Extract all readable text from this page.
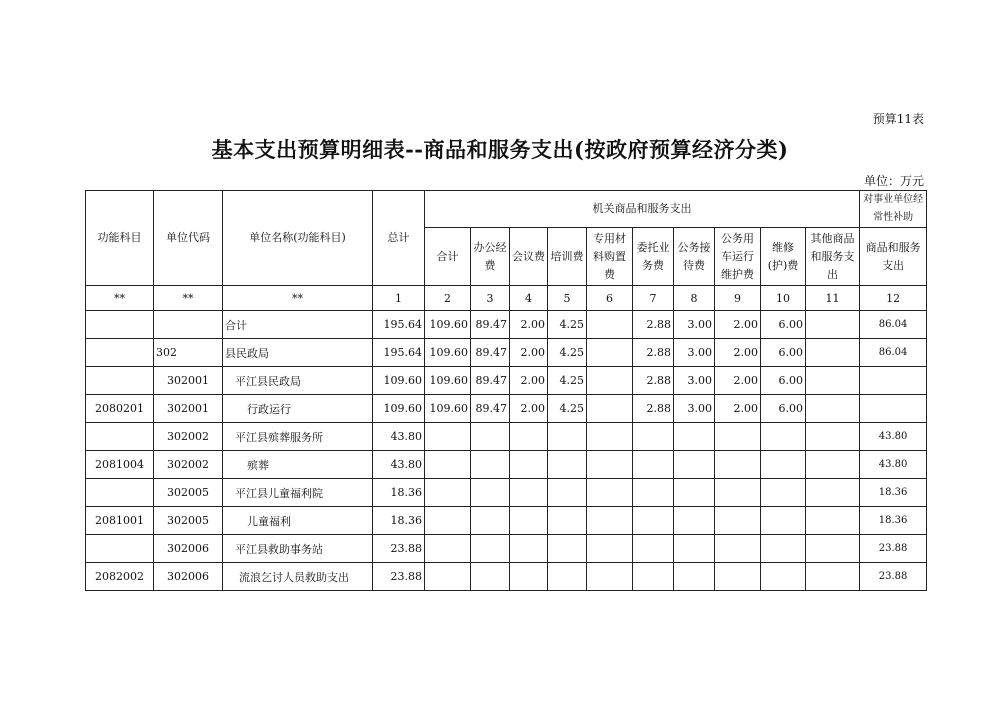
预算11表
基本支出预算明细表--商品和服务支出(按政府预算经济分类)
单位：万元
功能科目	单位代码	单位名称(功能科目)	总计	机关商品和服务支出										对事业单位经常性补助
				合计	办公经费	会议费	培训费	专用材料购置费	委托业务费	公务接待费	公务用车运行维护费	维修(护)费	其他商品和服务支出	商品和服务支出
**	**	**	1	2	3	4	5	6	7	8	9	10	11	12
		合计	195.64	109.60	89.47	2.00	4.25		2.88	3.00	2.00	6.00		86.04
	302	县民政局	195.64	109.60	89.47	2.00	4.25		2.88	3.00	2.00	6.00		86.04
	302001	平江县民政局	109.60	109.60	89.47	2.00	4.25		2.88	3.00	2.00	6.00		
2080201	302001	行政运行	109.60	109.60	89.47	2.00	4.25		2.88	3.00	2.00	6.00		
	302002	平江县殡葬服务所	43.80											43.80
2081004	302002	殡葬	43.80											43.80
	302005	平江县儿童福利院	18.36											18.36
2081001	302005	儿童福利	18.36											18.36
	302006	平江县救助事务站	23.88											23.88
2082002	302006	流浪乞讨人员救助支出	23.88											23.88
